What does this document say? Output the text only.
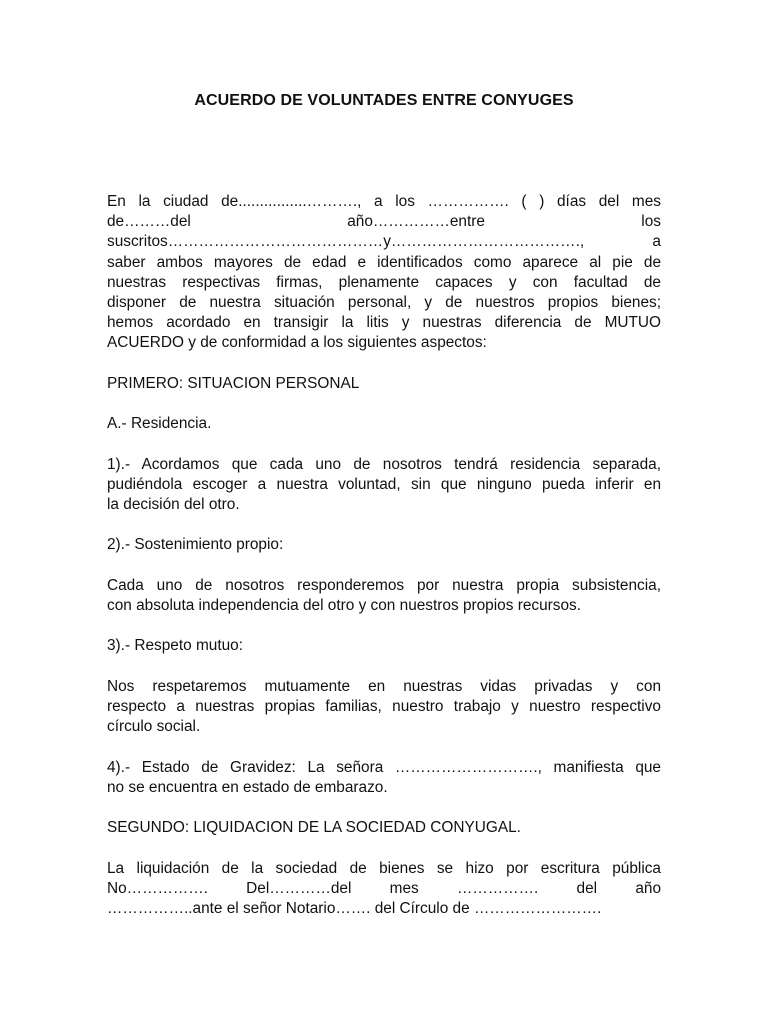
ACUERDO DE VOLUNTADES ENTRE CONYUGES
En la ciudad de................………., a los ……………. ( ) días del mes
de………del año……………entre los
suscritos……………………………………y………………………………., a
saber ambos mayores de edad e identificados como aparece al pie de
nuestras respectivas firmas, plenamente capaces y con facultad de
disponer de nuestra situación personal, y de nuestros propios bienes;
hemos acordado en transigir la litis y nuestras diferencia de MUTUO
ACUERDO y de conformidad a los siguientes aspectos:
PRIMERO: SITUACION PERSONAL
A.- Residencia.
1).- Acordamos que cada uno de nosotros tendrá residencia separada,
pudiéndola escoger a nuestra voluntad, sin que ninguno pueda inferir en
la decisión del otro.
2).- Sostenimiento propio:
Cada uno de nosotros responderemos por nuestra propia subsistencia,
con absoluta independencia del otro y con nuestros propios recursos.
3).- Respeto mutuo:
Nos respetaremos mutuamente en nuestras vidas privadas y con
respecto a nuestras propias familias, nuestro trabajo y nuestro respectivo
círculo social.
4).- Estado de Gravidez: La señora ………………………., manifiesta que
no se encuentra en estado de embarazo.
SEGUNDO: LIQUIDACION DE LA SOCIEDAD CONYUGAL.
La liquidación de la sociedad de bienes se hizo por escritura pública
No……………. Del…………del mes ……………. del año
……………..ante el señor Notario……. del Círculo de …………………….
